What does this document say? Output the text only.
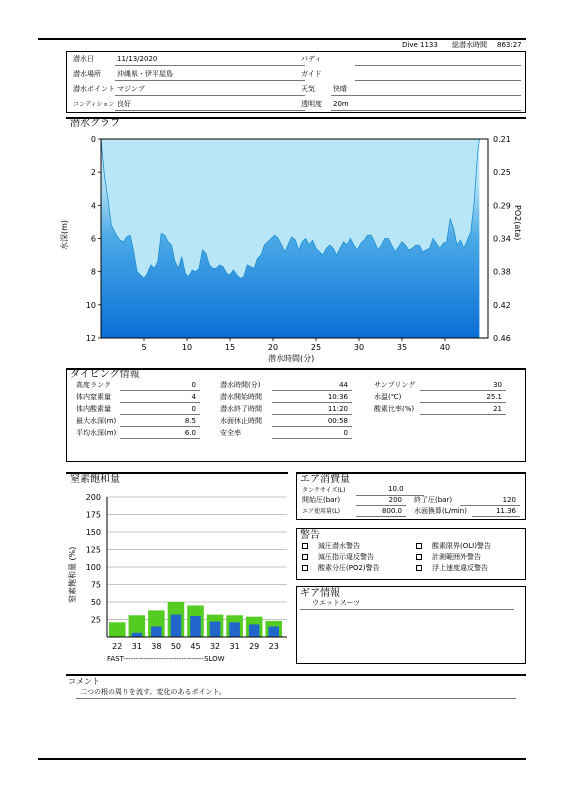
Dive 1133 総潜水時間 863:27
潜水日	11/13/2020	バディ
潜水場所 沖縄県・伊平屋島	ガイド
潜水ポイント マジンプ	天気	快晴
コンディション 良好	透明度 20m
潜水グラフ
5	10	15	20	25	30	35	40
0	0.21
2	0.25
4	0.29
6	0.34
8	0.38
10	0.42
12	0.46
潜水時間(分)
水深(m)	PO2(ata)
ダイビング情報
高度ランク	0
体内窒素量	4
体内酸素量	0
最大水深(m)	8.5
平均水深(m)	6.0
潜水時間(分)	44
潜水開始時間	10:36
潜水終了時間	11:20
水面休止時間	00:58
安全率	0
サンプリング	30
水温(℃)	25.1
酸素比率(%)	21
窒素飽和量
窒素飽和量 (%)
25
50
75
100
125
150
175
200
22 31 38 50 45 32 31 29 23
FAST--------------------------------SLOW
エア消費量
タンクサイズ(L)	10.0
開始圧(bar)	200 終了圧(bar)	120
エア使用量(L)	800.0 水面換算(L/min)	11.36
警告
減圧潜水警告	酸素限界(OLI)警告
減圧指示違反警告	計測範囲外警告
酸素分圧(PO2)警告	浮上速度違反警告
ギア情報
ウエットスーツ
コメント
二つの根の周りを流す。変化のあるポイント。
